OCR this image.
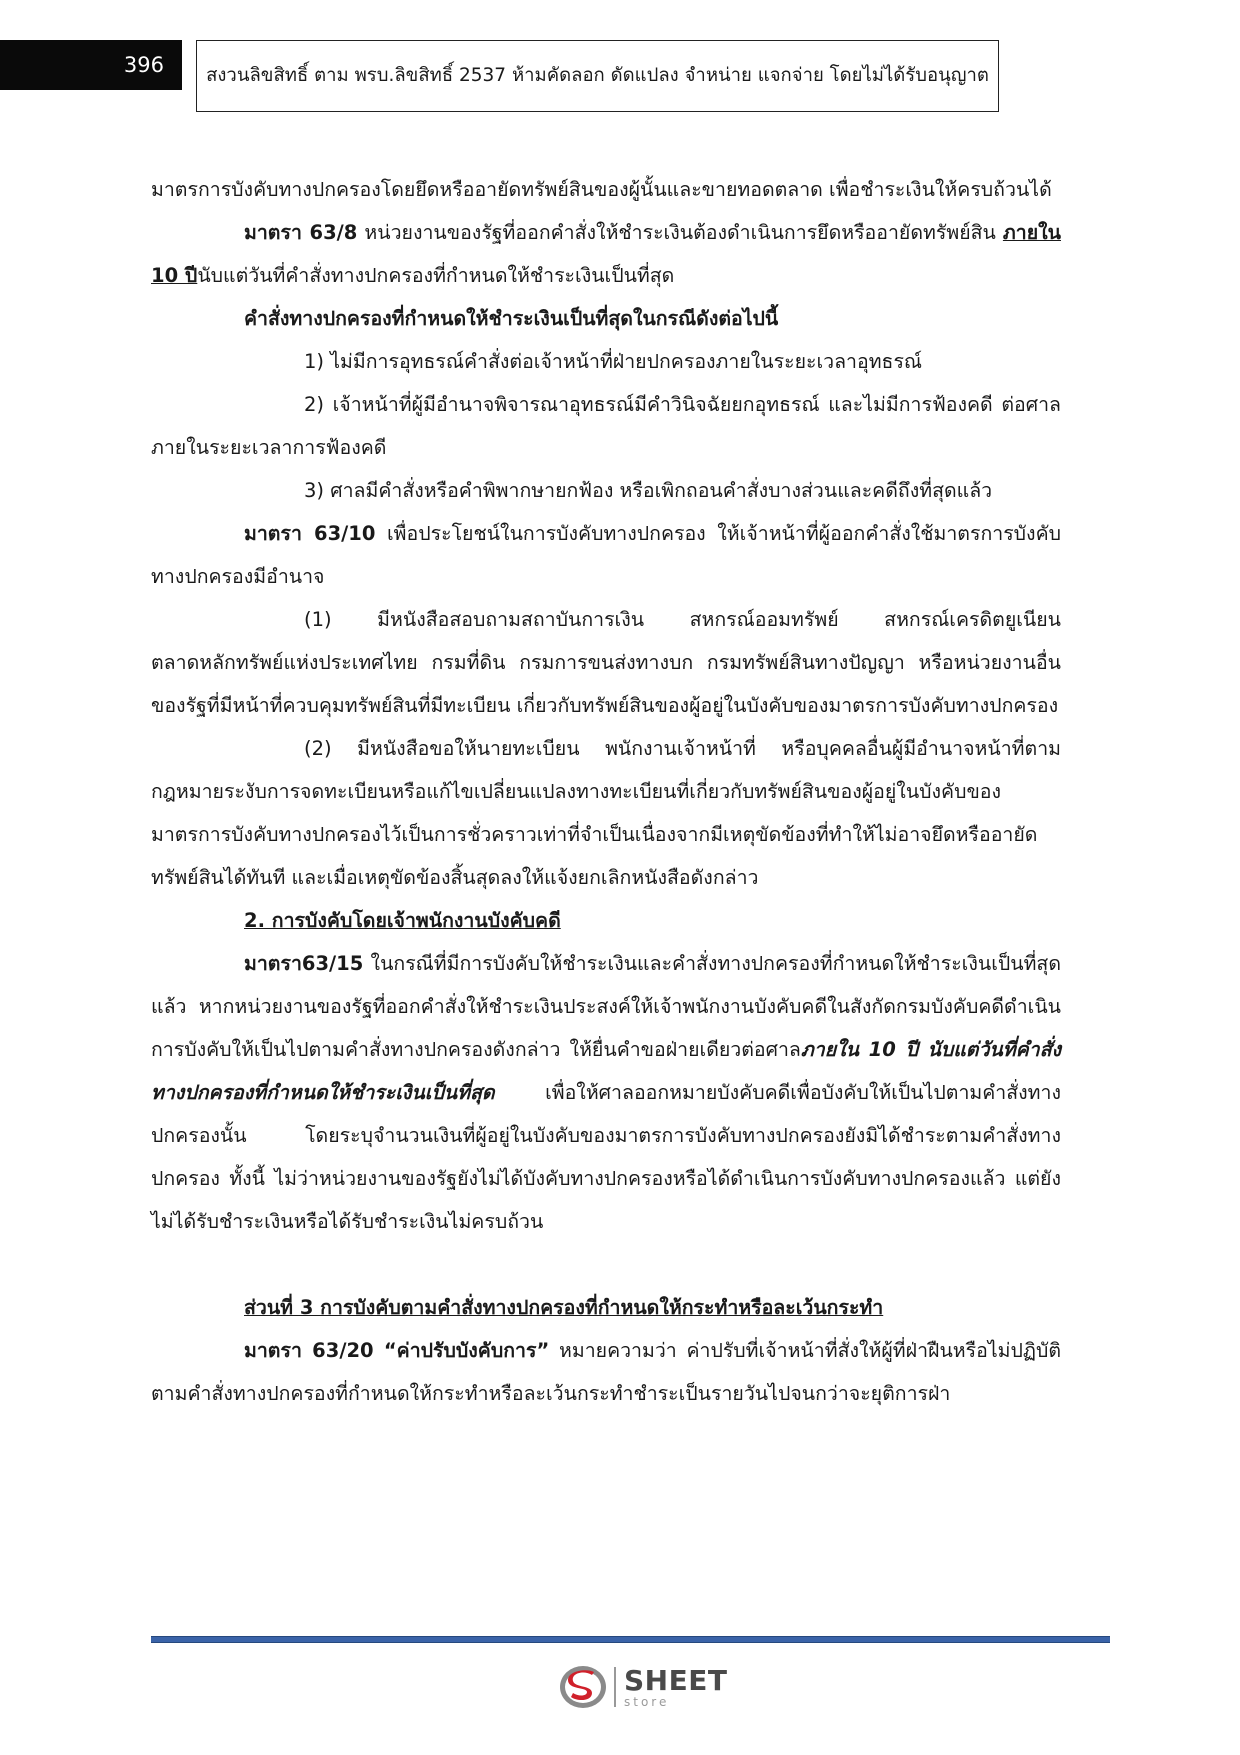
396	สงวนลิขสิทธิ์ ตาม พรบ.ลิขสิทธิ์ 2537 ห้ามคัดลอก ดัดแปลง จำหน่าย แจกจ่าย โดยไม่ได้รับอนุญาต

มาตรการบังคับทางปกครองโดยยึดหรืออายัดทรัพย์สินของผู้นั้นและขายทอดตลาด เพื่อชำระเงินให้ครบถ้วนได้

มาตรา 63/8 หน่วยงานของรัฐที่ออกคำสั่งให้ชำระเงินต้องดำเนินการยึดหรืออายัดทรัพย์สิน ภายใน 10 ปีนับแต่วันที่คำสั่งทางปกครองที่กำหนดให้ชำระเงินเป็นที่สุด

คำสั่งทางปกครองที่กำหนดให้ชำระเงินเป็นที่สุดในกรณีดังต่อไปนี้

1) ไม่มีการอุทธรณ์คำสั่งต่อเจ้าหน้าที่ฝ่ายปกครองภายในระยะเวลาอุทธรณ์

2) เจ้าหน้าที่ผู้มีอำนาจพิจารณาอุทธรณ์มีคำวินิจฉัยยกอุทธรณ์ และไม่มีการฟ้องคดี ต่อศาลภายในระยะเวลาการฟ้องคดี

3) ศาลมีคำสั่งหรือคำพิพากษายกฟ้อง หรือเพิกถอนคำสั่งบางส่วนและคดีถึงที่สุดแล้ว

มาตรา 63/10 เพื่อประโยชน์ในการบังคับทางปกครอง ให้เจ้าหน้าที่ผู้ออกคำสั่งใช้มาตรการบังคับทางปกครองมีอำนาจ

(1) มีหนังสือสอบถามสถาบันการเงิน สหกรณ์ออมทรัพย์ สหกรณ์เครดิตยูเนียน ตลาดหลักทรัพย์แห่งประเทศไทย กรมที่ดิน กรมการขนส่งทางบก กรมทรัพย์สินทางปัญญา หรือหน่วยงานอื่นของรัฐที่มีหน้าที่ควบคุมทรัพย์สินที่มีทะเบียน เกี่ยวกับทรัพย์สินของผู้อยู่ในบังคับของมาตรการบังคับทางปกครอง

(2) มีหนังสือขอให้นายทะเบียน พนักงานเจ้าหน้าที่ หรือบุคคลอื่นผู้มีอำนาจหน้าที่ตามกฎหมายระงับการจดทะเบียนหรือแก้ไขเปลี่ยนแปลงทางทะเบียนที่เกี่ยวกับทรัพย์สินของผู้อยู่ในบังคับของมาตรการบังคับทางปกครองไว้เป็นการชั่วคราวเท่าที่จำเป็นเนื่องจากมีเหตุขัดข้องที่ทำให้ไม่อาจยึดหรืออายัดทรัพย์สินได้ทันที และเมื่อเหตุขัดข้องสิ้นสุดลงให้แจ้งยกเลิกหนังสือดังกล่าว

2. การบังคับโดยเจ้าพนักงานบังคับคดี

มาตรา63/15 ในกรณีที่มีการบังคับให้ชำระเงินและคำสั่งทางปกครองที่กำหนดให้ชำระเงินเป็นที่สุดแล้ว หากหน่วยงานของรัฐที่ออกคำสั่งให้ชำระเงินประสงค์ให้เจ้าพนักงานบังคับคดีในสังกัดกรมบังคับคดีดำเนินการบังคับให้เป็นไปตามคำสั่งทางปกครองดังกล่าว ให้ยื่นคำขอฝ่ายเดียวต่อศาลภายใน 10 ปี นับแต่วันที่คำสั่งทางปกครองที่กำหนดให้ชำระเงินเป็นที่สุด เพื่อให้ศาลออกหมายบังคับคดีเพื่อบังคับให้เป็นไปตามคำสั่งทางปกครองนั้น โดยระบุจำนวนเงินที่ผู้อยู่ในบังคับของมาตรการบังคับทางปกครองยังมิได้ชำระตามคำสั่งทางปกครอง ทั้งนี้ ไม่ว่าหน่วยงานของรัฐยังไม่ได้บังคับทางปกครองหรือได้ดำเนินการบังคับทางปกครองแล้ว แต่ยังไม่ได้รับชำระเงินหรือได้รับชำระเงินไม่ครบถ้วน

ส่วนที่ 3 การบังคับตามคำสั่งทางปกครองที่กำหนดให้กระทำหรือละเว้นกระทำ

มาตรา 63/20 “ค่าปรับบังคับการ” หมายความว่า ค่าปรับที่เจ้าหน้าที่สั่งให้ผู้ที่ฝ่าฝืนหรือไม่ปฏิบัติตามคำสั่งทางปกครองที่กำหนดให้กระทำหรือละเว้นกระทำชำระเป็นรายวันไปจนกว่าจะยุติการฝ่า

SHEET
store
